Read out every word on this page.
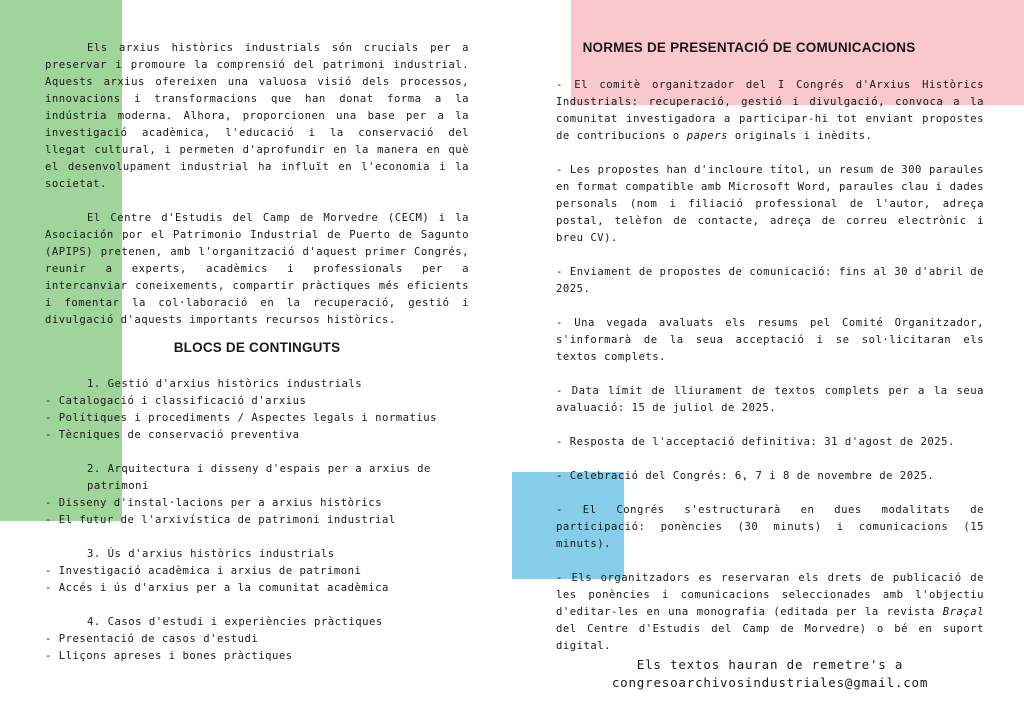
Els arxius històrics industrials són crucials per a preservar i promoure la comprensió del patrimoni industrial. Aquests arxius ofereixen una valuosa visió dels processos, innovacions i transformacions que han donat forma a la indústria moderna. Alhora, proporcionen una base per a la investigació acadèmica, l'educació i la conservació del llegat cultural, i permeten d'aprofundir en la manera en què el desenvolupament industrial ha influït en l'economia i la societat.

El Centre d'Estudis del Camp de Morvedre (CECM) i la Asociación por el Patrimonio Industrial de Puerto de Sagunto (APIPS) pretenen, amb l'organització d'aquest primer Congrés, reunir a experts, acadèmics i professionals per a intercanviar coneixements, compartir pràctiques més eficients i fomentar la col·laboració en la recuperació, gestió i divulgació d'aquests importants recursos històrics.

BLOCS DE CONTINGUTS

1. Gestió d'arxius històrics industrials

- Catalogació i classificació d'arxius

- Polítiques i procediments / Aspectes legals i normatius

- Tècniques de conservació preventiva

2. Arquitectura i disseny d'espais per a arxius de patrimoni

- Disseny d'instal·lacions per a arxius històrics

- El futur de l'arxivística de patrimoni industrial

3. Ús d'arxius històrics industrials

- Investigació acadèmica i arxius de patrimoni

- Accés i ús d'arxius per a la comunitat acadèmica

4. Casos d'estudi i experiències pràctiques

- Presentació de casos d'estudi

- Lliçons apreses i bones pràctiques

NORMES DE PRESENTACIÓ DE COMUNICACIONS

- El comitè organitzador del I Congrés d'Arxius Històrics Industrials: recuperació, gestió i divulgació, convoca a la comunitat investigadora a participar-hi tot enviant propostes de contribucions o papers originals i inèdits.

- Les propostes han d'incloure títol, un resum de 300 paraules en format compatible amb Microsoft Word, paraules clau i dades personals (nom i filiació professional de l'autor, adreça postal, telèfon de contacte, adreça de correu electrònic i breu CV).

- Enviament de propostes de comunicació: fins al 30 d'abril de 2025.

- Una vegada avaluats els resums pel Comité Organitzador, s'informarà de la seua acceptació i se sol·licitaran els textos complets.

- Data límit de lliurament de textos complets per a la seua avaluació: 15 de juliol de 2025.

- Resposta de l'acceptació definitiva: 31 d'agost de 2025.

- Celebració del Congrés: 6, 7 i 8 de novembre de 2025.

- El Congrés s'estructurarà en dues modalitats de participació: ponències (30 minuts) i comunicacions (15 minuts).

- Els organitzadors es reservaran els drets de publicació de les ponències i comunicacions seleccionades amb l'objectiu d'editar-les en una monografia (editada per la revista Braçal del Centre d'Estudis del Camp de Morvedre) o bé en suport digital.

Els textos hauran de remetre's a
congresoarchivosindustriales@gmail.com
